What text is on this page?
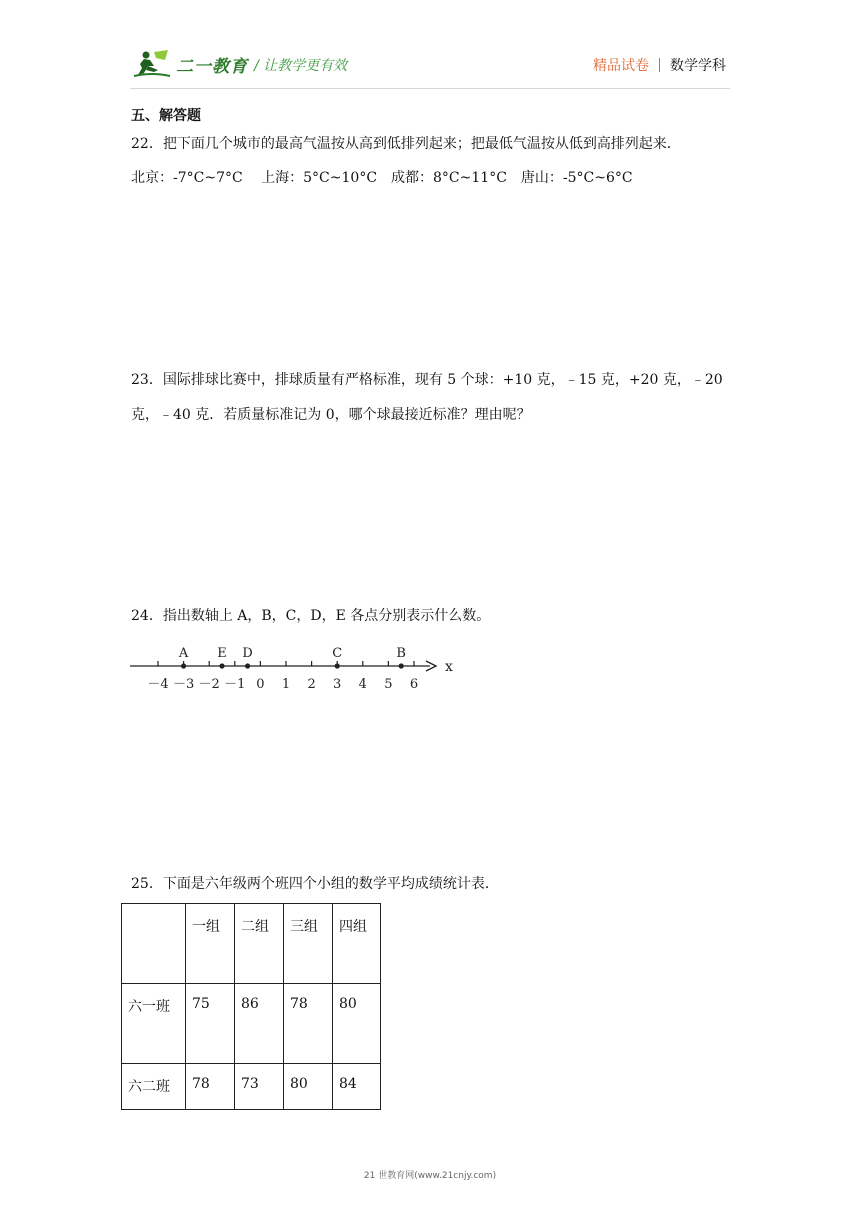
二一教育 / 让教学更有效	精品试卷 数学学科
五、解答题
22．把下面几个城市的最高气温按从高到低排列起来；把最低气温按从低到高排列起来．
北京：-7°C~7°C　 上海：5°C~10°C　成都：8°C~11°C　唐山：-5°C~6°C
23．国际排球比赛中，排球质量有严格标准，现有 5 个球：+10 克，﹣15 克，+20 克，﹣20
克，﹣40 克．若质量标准记为 0，哪个球最接近标准？理由呢？
24．指出数轴上 A，B，C，D，E 各点分别表示什么数。
x
－4 －3 －2 －1 0 1 2 3 4 5 6
A E D	C	B
25．下面是六年级两个班四个小组的数学平均成绩统计表．
	一组	二组	三组	四组
六一班	75	86	78	80
六二班	78	73	80	84
21 世教育网(www.21cnjy.com)
